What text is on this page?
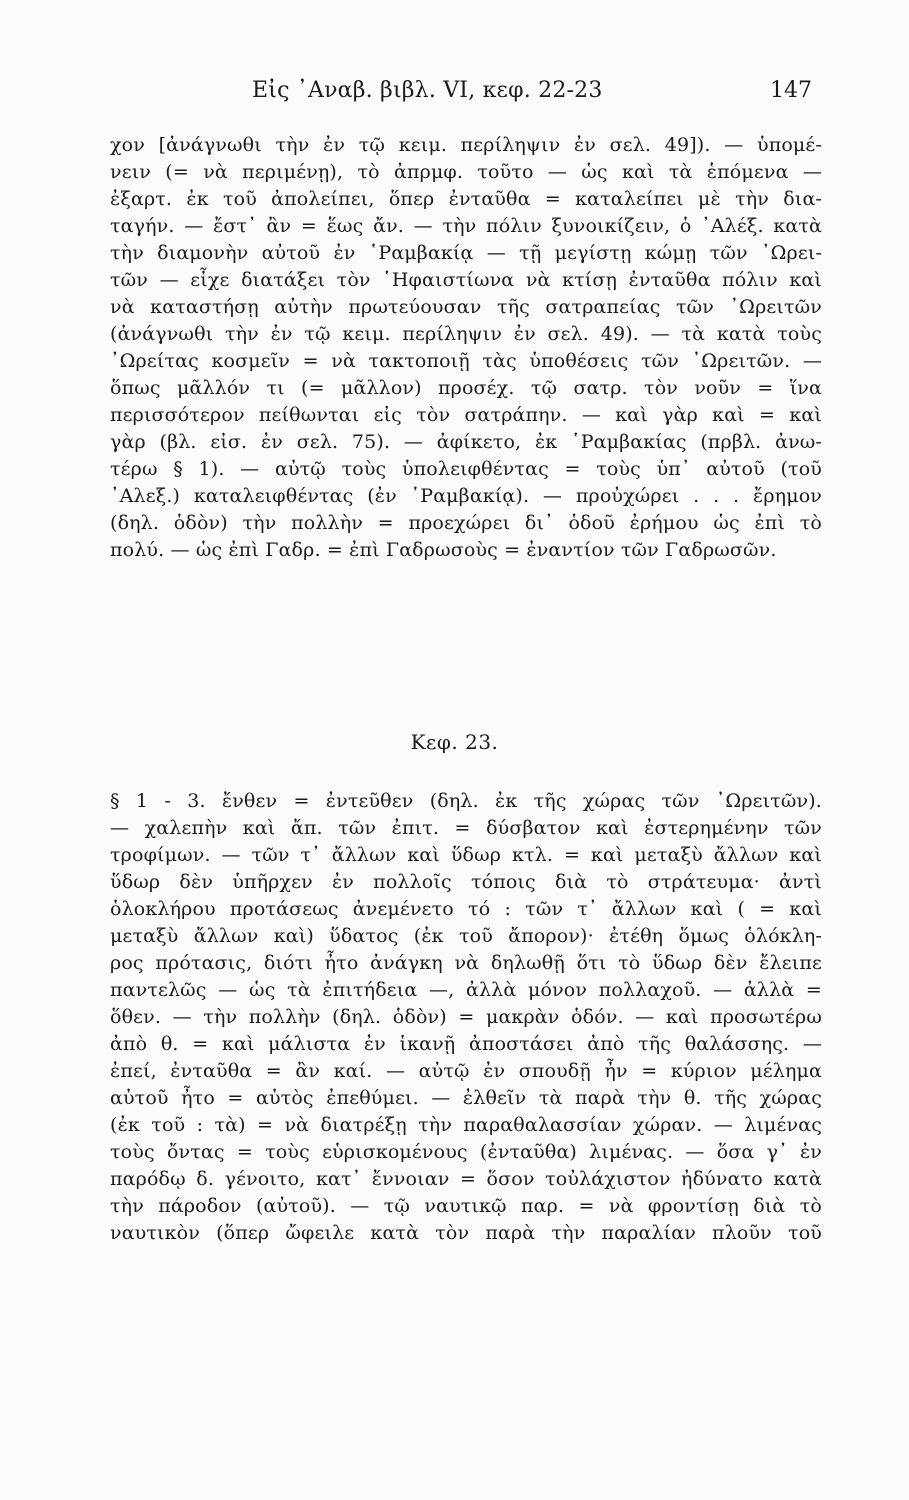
Εἰς ᾽Αναβ. βιβλ. VI, κεφ. 22-23	147
χον [ἀνάγνωθι τὴν ἐν τῷ κειμ. περίληψιν ἐν σελ. 49]). — ὑπομέ-
νειν (= νὰ περιμένῃ), τὸ ἀπρμφ. τοῦτο — ὡς καὶ τὰ ἑπόμενα —
ἐξαρτ. ἐκ τοῦ ἀπολείπει, ὅπερ ἐνταῦθα = καταλείπει μὲ τὴν δια-
ταγήν. — ἔστ᾽ ἂν = ἕως ἄν. — τὴν πόλιν ξυνοικίζειν, ὁ ᾽Αλέξ. κατὰ
τὴν διαμονὴν αὐτοῦ ἐν ῾Ραμβακίᾳ — τῇ μεγίστῃ κώμῃ τῶν ᾽Ωρει-
τῶν — εἶχε διατάξει τὸν ῾Ηφαιστίωνα νὰ κτίσῃ ἐνταῦθα πόλιν καὶ
νὰ καταστήσῃ αὐτὴν πρωτεύουσαν τῆς σατραπείας τῶν ᾽Ωρειτῶν
(ἀνάγνωθι τὴν ἐν τῷ κειμ. περίληψιν ἐν σελ. 49). — τὰ κατὰ τοὺς
᾽Ωρείτας κοσμεῖν = νὰ τακτοποιῇ τὰς ὑποθέσεις τῶν ᾽Ωρειτῶν. —
ὅπως μᾶλλόν τι (= μᾶλλον) προσέχ. τῷ σατρ. τὸν νοῦν = ἵνα
περισσότερον πείθωνται εἰς τὸν σατράπην. — καὶ γὰρ καὶ = καὶ
γὰρ (βλ. εἰσ. ἐν σελ. 75). — ἀφίκετο, ἐκ ῾Ραμβακίας (πρβλ. ἀνω-
τέρω § 1). — αὐτῷ τοὺς ὑπολειφθέντας = τοὺς ὑπ᾽ αὐτοῦ (τοῦ
᾽Αλεξ.) καταλειφθέντας (ἐν ῾Ραμβακίᾳ). — προὐχώρει . . . ἔρημον
(δηλ. ὁδὸν) τὴν πολλὴν = προεχώρει δι᾽ ὁδοῦ ἐρήμου ὡς ἐπὶ τὸ
πολύ. — ὡς ἐπὶ Γαδρ. = ἐπὶ Γαδρωσοὺς = ἐναντίον τῶν Γαδρωσῶν.
Κεφ. 23.
§ 1 - 3. ἔνθεν = ἐντεῦθεν (δηλ. ἐκ τῆς χώρας τῶν ᾽Ωρειτῶν).
— χαλεπὴν καὶ ἄπ. τῶν ἐπιτ. = δύσβατον καὶ ἐστερημένην τῶν
τροφίμων. — τῶν τ᾽ ἄλλων καὶ ὕδωρ κτλ. = καὶ μεταξὺ ἄλλων καὶ
ὕδωρ δὲν ὑπῆρχεν ἐν πολλοῖς τόποις διὰ τὸ στράτευμα· ἀντὶ
ὁλοκλήρου προτάσεως ἀνεμένετο τό : τῶν τ᾽ ἄλλων καὶ ( = καὶ
μεταξὺ ἄλλων καὶ) ὕδατος (ἐκ τοῦ ἄπορον)· ἐτέθη ὅμως ὁλόκλη-
ρος πρότασις, διότι ἦτο ἀνάγκη νὰ δηλωθῇ ὅτι τὸ ὕδωρ δὲν ἔλειπε
παντελῶς — ὡς τὰ ἐπιτήδεια —, ἀλλὰ μόνον πολλαχοῦ. — ἀλλὰ =
ὅθεν. — τὴν πολλὴν (δηλ. ὁδὸν) = μακρὰν ὁδόν. — καὶ προσωτέρω
ἀπὸ θ. = καὶ μάλιστα ἐν ἱκανῇ ἀποστάσει ἀπὸ τῆς θαλάσσης. —
ἐπεί, ἐνταῦθα = ἂν καί. — αὐτῷ ἐν σπουδῇ ἦν = κύριον μέλημα
αὐτοῦ ἦτο = αὐτὸς ἐπεθύμει. — ἐλθεῖν τὰ παρὰ τὴν θ. τῆς χώρας
(ἐκ τοῦ : τὰ) = νὰ διατρέξῃ τὴν παραθαλασσίαν χώραν. — λιμένας
τοὺς ὄντας = τοὺς εὑρισκομένους (ἐνταῦθα) λιμένας. — ὅσα γ᾽ ἐν
παρόδῳ δ. γένοιτο, κατ᾽ ἔννοιαν = ὅσον τοὐλάχιστον ἠδύνατο κατὰ
τὴν πάροδον (αὐτοῦ). — τῷ ναυτικῷ παρ. = νὰ φροντίσῃ διὰ τὸ
ναυτικὸν (ὅπερ ὤφειλε κατὰ τὸν παρὰ τὴν παραλίαν πλοῦν τοῦ
